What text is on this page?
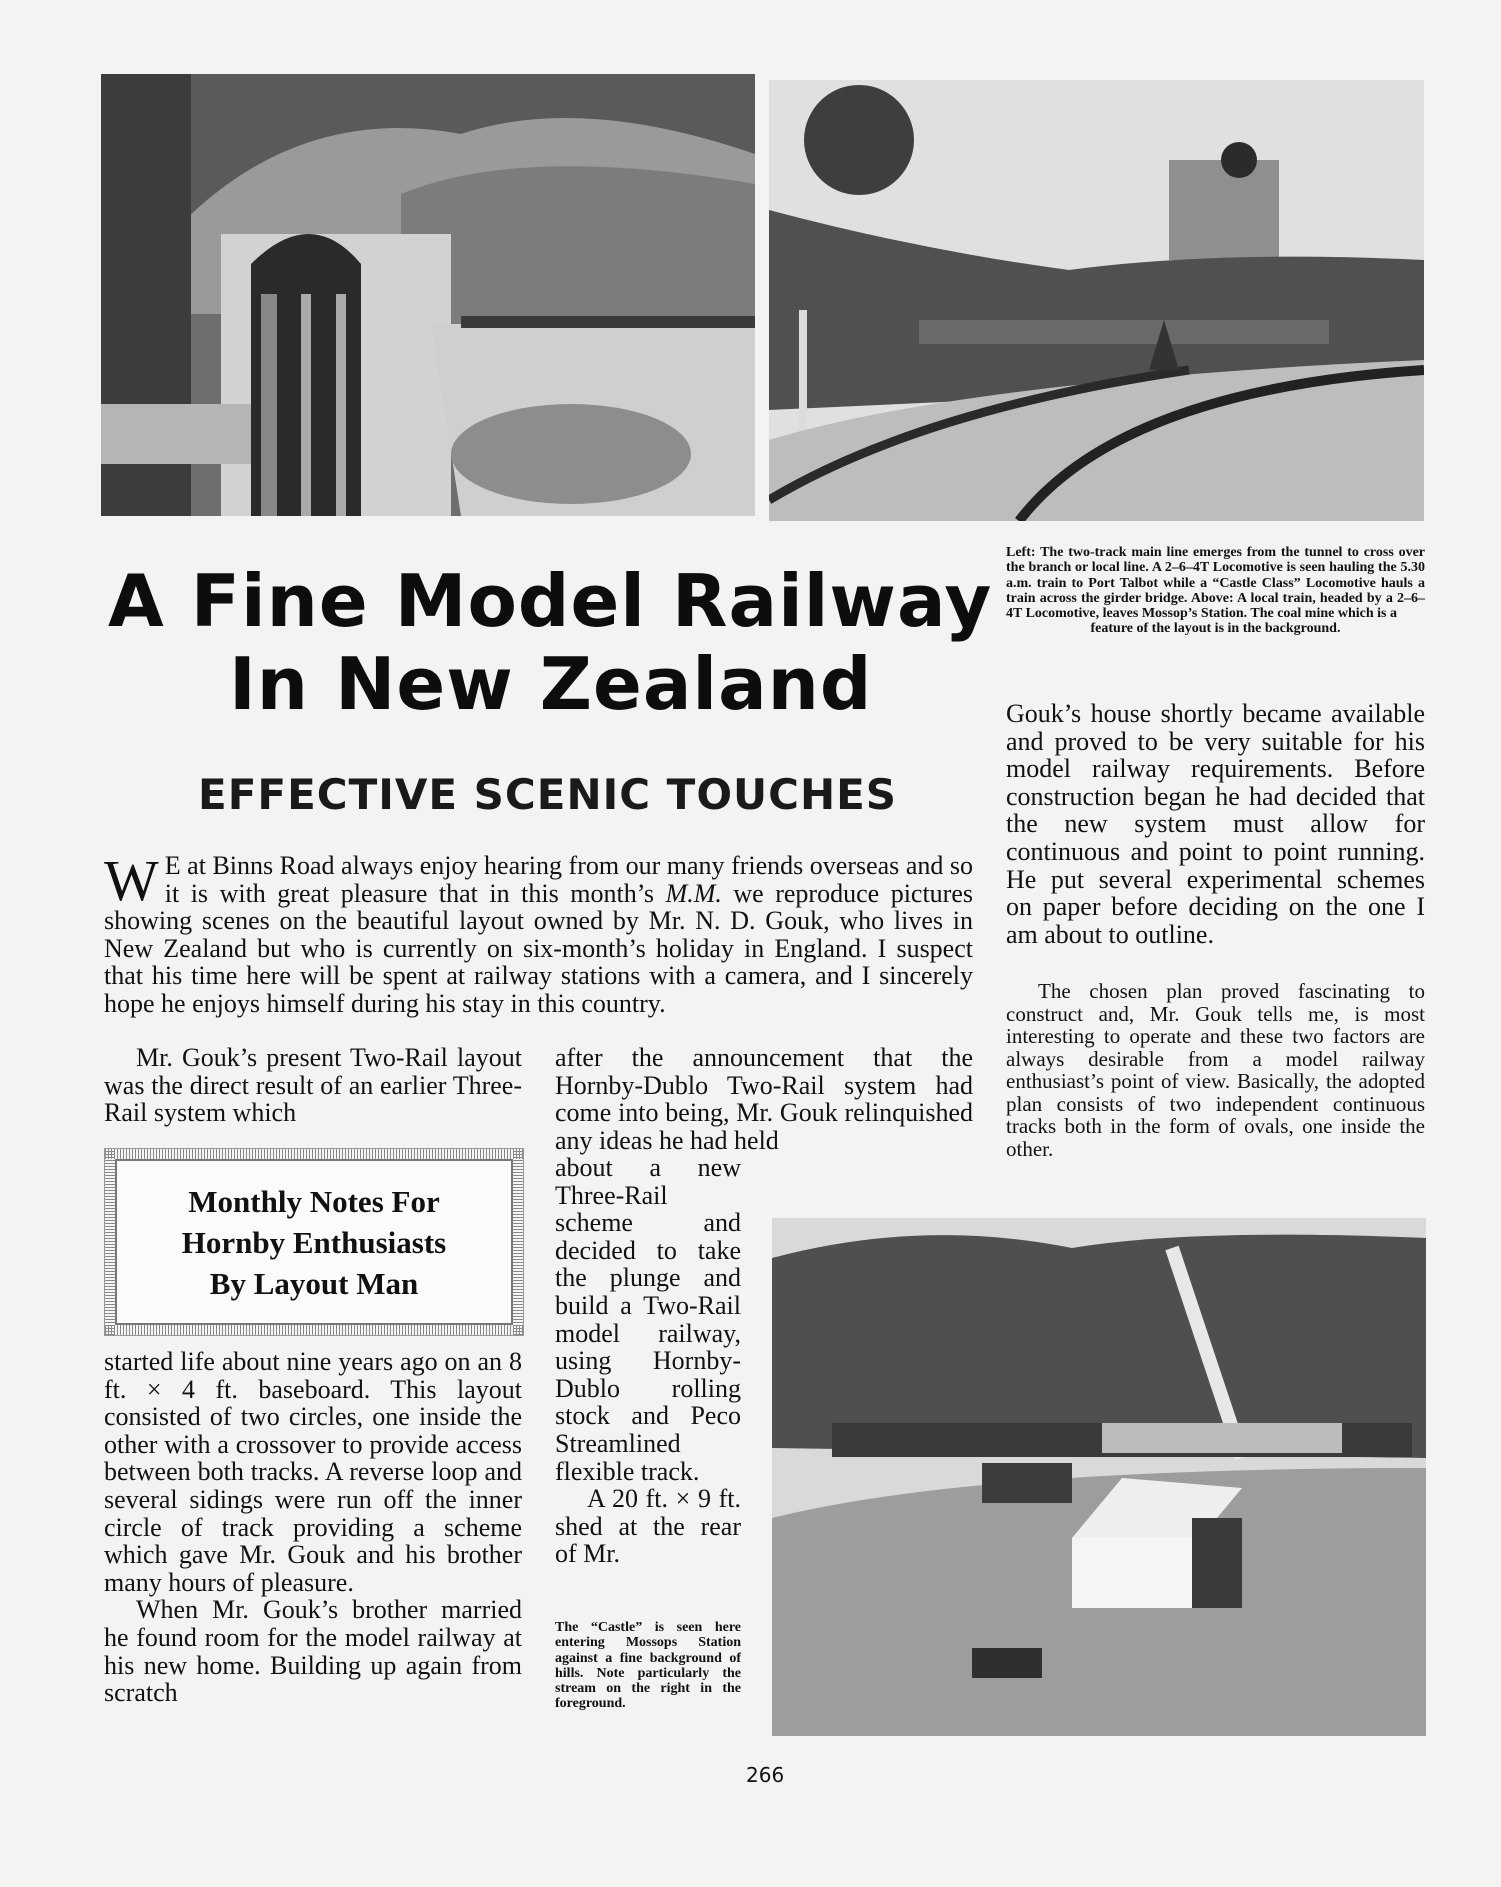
A Fine Model Railway
In New Zealand
EFFECTIVE SCENIC TOUCHES

Left: The two-track main line emerges from the tunnel to cross over the branch or local line. A 2–6–4T Locomotive is seen hauling the 5.30 a.m. train to Port Talbot while a “Castle Class” Locomotive hauls a train across the girder bridge. Above: A local train, headed by a 2–6–4T Locomotive, leaves Mossop’s Station. The coal mine which is a

feature of the layout is in the background.

W E at Binns Road always enjoy hearing from our many friends overseas and so it is with great pleasure that in this month’s M.M. we reproduce pictures showing scenes on the beautiful layout owned by Mr. N. D. Gouk, who lives in New Zealand but who is currently on six-month’s holiday in England. I suspect that his time here will be spent at railway stations with a camera, and I sincerely hope he enjoys himself during his stay in this country.

Mr. Gouk’s present Two-Rail layout was the direct result of an earlier Three-Rail system which

Monthly Notes For
Hornby Enthusiasts
By Layout Man

started life about nine years ago on an 8 ft. × 4 ft. baseboard. This layout consisted of two circles, one inside the other with a crossover to provide access between both tracks. A reverse loop and several sidings were run off the inner circle of track providing a scheme which gave Mr. Gouk and his brother many hours of pleasure.

When Mr. Gouk’s brother married he found room for the model railway at his new home. Building up again from scratch

after the announcement that the Hornby-Dublo Two-Rail system had come into being, Mr. Gouk relinquished any ideas he had held

about a new Three-Rail scheme and decided to take the plunge and build a Two-Rail model railway, using Hornby-Dublo rolling stock and Peco Streamlined flexible track.

A 20 ft. × 9 ft. shed at the rear of Mr.

The “Castle” is seen here entering Mossops Station against a fine background of hills. Note particularly the stream on the right in the foreground.

Gouk’s house shortly became available and proved to be very suitable for his model railway requirements. Before construction began he had decided that the new system must allow for continuous and point to point running. He put several experimental schemes on paper before deciding on the one I am about to outline.

The chosen plan proved fascinating to construct and, Mr. Gouk tells me, is most interesting to operate and these two factors are always desirable from a model railway enthusiast’s point of view. Basically, the adopted plan consists of two independent continuous tracks both in the form of ovals, one inside the other.

266
